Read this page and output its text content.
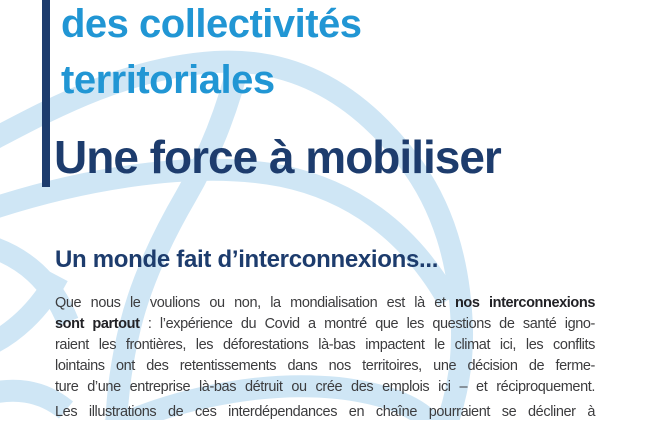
des collectivités
territoriales
Une force à mobiliser
Un monde fait d’interconnexions...
Que nous le voulions ou non, la mondialisation est là et nos interconnexions
sont partout : l’expérience du Covid a montré que les questions de santé igno-
raient les frontières, les déforestations là-bas impactent le climat ici, les conflits
lointains ont des retentissements dans nos territoires, une décision de ferme-
ture d’une entreprise là-bas détruit ou crée des emplois ici – et réciproquement.
Les illustrations de ces interdépendances en chaîne pourraient se décliner à
